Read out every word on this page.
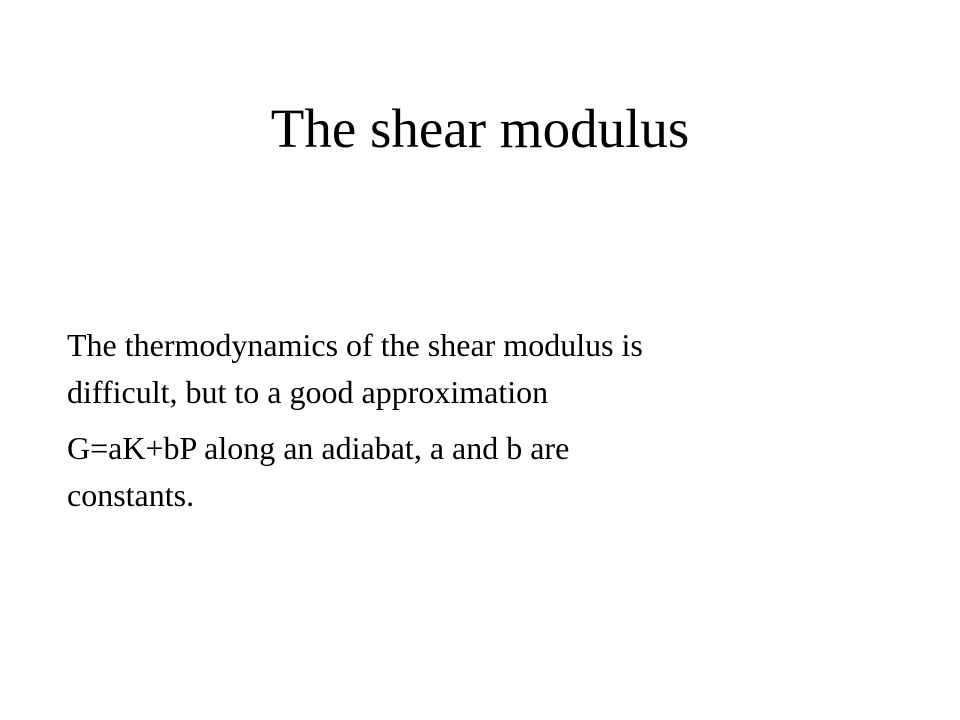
The shear modulus

The thermodynamics of the shear modulus is
difficult, but to a good approximation

G=aK+bP along an adiabat, a and b are
constants.
